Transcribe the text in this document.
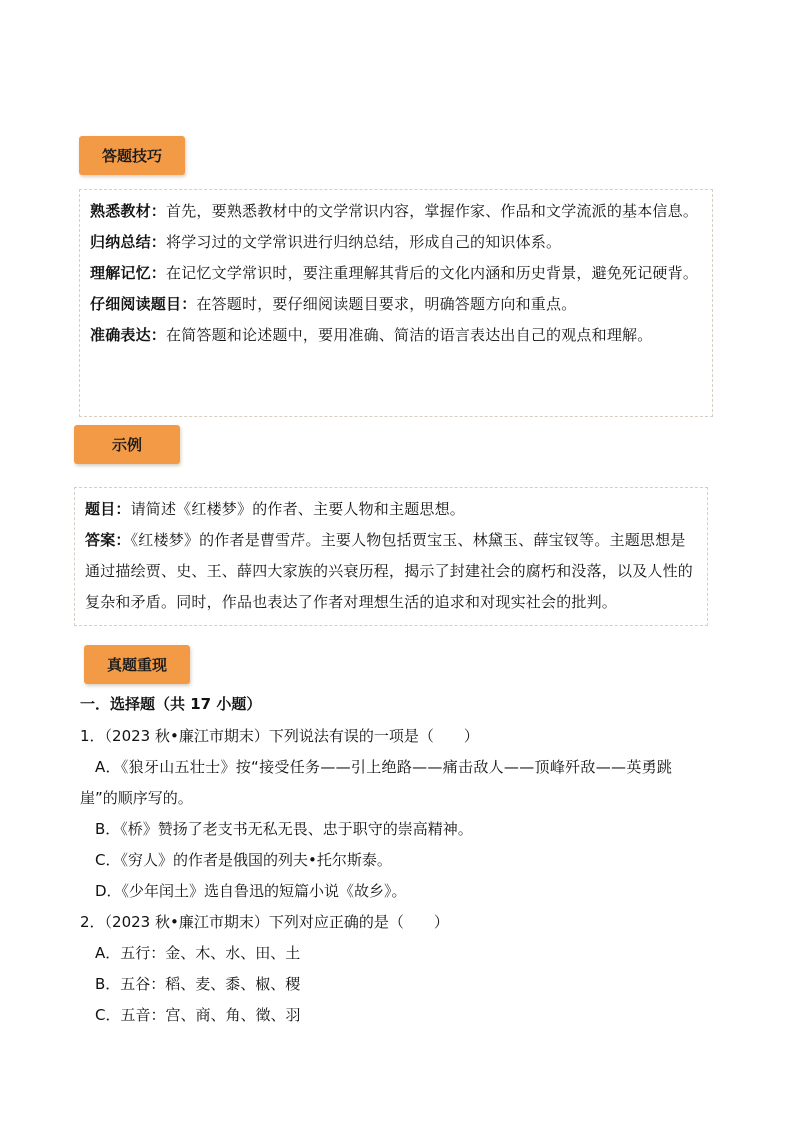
答题技巧

熟悉教材：首先，要熟悉教材中的文学常识内容，掌握作家、作品和文学流派的基本信息。

归纳总结：将学习过的文学常识进行归纳总结，形成自己的知识体系。

理解记忆：在记忆文学常识时，要注重理解其背后的文化内涵和历史背景，避免死记硬背。

仔细阅读题目：在答题时，要仔细阅读题目要求，明确答题方向和重点。

准确表达：在简答题和论述题中，要用准确、简洁的语言表达出自己的观点和理解。

示例

题目：请简述《红楼梦》的作者、主要人物和主题思想。

答案：《红楼梦》的作者是曹雪芹。主要人物包括贾宝玉、林黛玉、薛宝钗等。主题思想是通过描绘贾、史、王、薛四大家族的兴衰历程，揭示了封建社会的腐朽和没落，以及人性的复杂和矛盾。同时，作品也表达了作者对理想生活的追求和对现实社会的批判。

真题重现
一．选择题（共 17 小题）
1．（2023 秋•廉江市期末）下列说法有误的一项是（　　）
A．《狼牙山五壮士》按“接受任务——引上绝路——痛击敌人——顶峰歼敌——英勇跳
崖”的顺序写的。
B．《桥》赞扬了老支书无私无畏、忠于职守的崇高精神。
C．《穷人》的作者是俄国的列夫•托尔斯泰。
D．《少年闰土》选自鲁迅的短篇小说《故乡》。
2．（2023 秋•廉江市期末）下列对应正确的是（　　）
A．五行：金、木、水、田、土
B．五谷：稻、麦、黍、椒、稷
C．五音：宫、商、角、徵、羽
